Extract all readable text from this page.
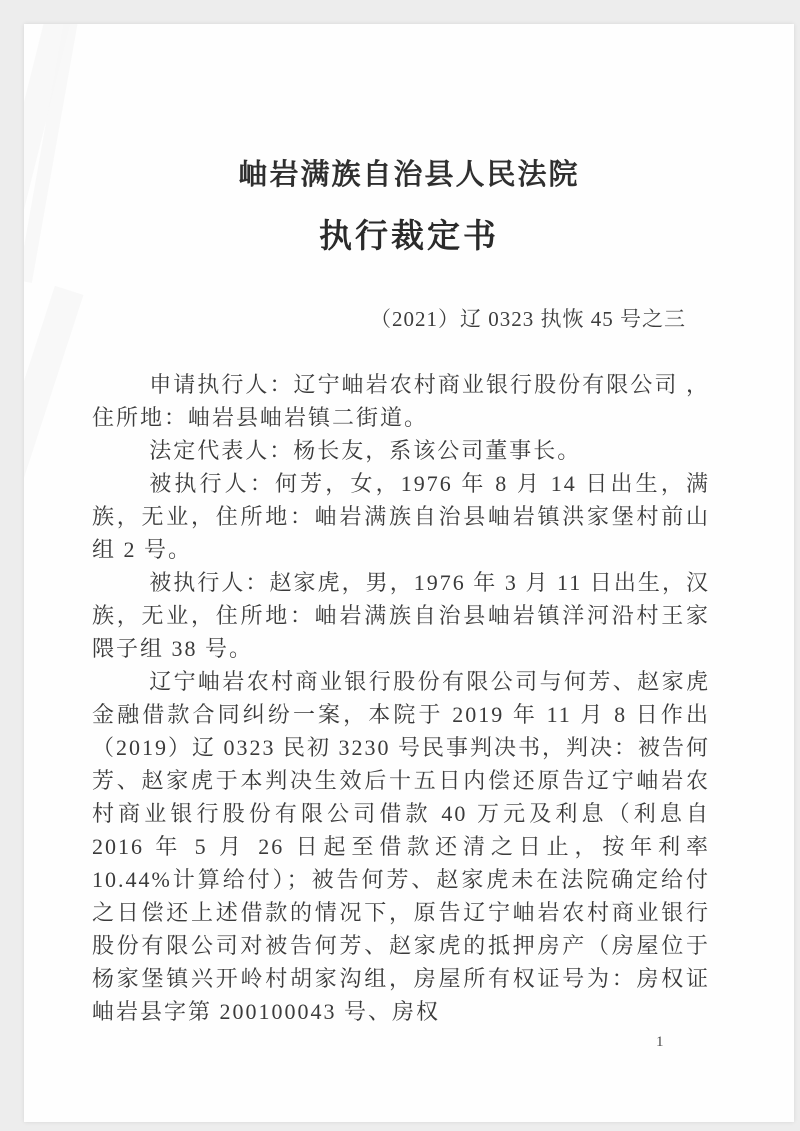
岫岩满族自治县人民法院
执行裁定书
（2021）辽 0323 执恢 45 号之三

申请执行人：辽宁岫岩农村商业银行股份有限公司 ，住所地：岫岩县岫岩镇二街道。

法定代表人：杨长友，系该公司董事长。

被执行人：何芳，女，1976 年 8 月 14 日出生，满族，无业，住所地：岫岩满族自治县岫岩镇洪家堡村前山组 2 号。

被执行人：赵家虎，男，1976 年 3 月 11 日出生，汉族，无业，住所地：岫岩满族自治县岫岩镇洋河沿村王家隈子组 38 号。

辽宁岫岩农村商业银行股份有限公司与何芳、赵家虎金融借款合同纠纷一案，本院于 2019 年 11 月 8 日作出（2019）辽 0323 民初 3230 号民事判决书，判决：被告何芳、赵家虎于本判决生效后十五日内偿还原告辽宁岫岩农村商业银行股份有限公司借款 40 万元及利息（利息自 2016 年 5 月 26 日起至借款还清之日止，按年利率 10.44%计算给付）；被告何芳、赵家虎未在法院确定给付之日偿还上述借款的情况下，原告辽宁岫岩农村商业银行股份有限公司对被告何芳、赵家虎的抵押房产（房屋位于杨家堡镇兴开岭村胡家沟组，房屋所有权证号为：房权证岫岩县字第 200100043 号、房权

1
